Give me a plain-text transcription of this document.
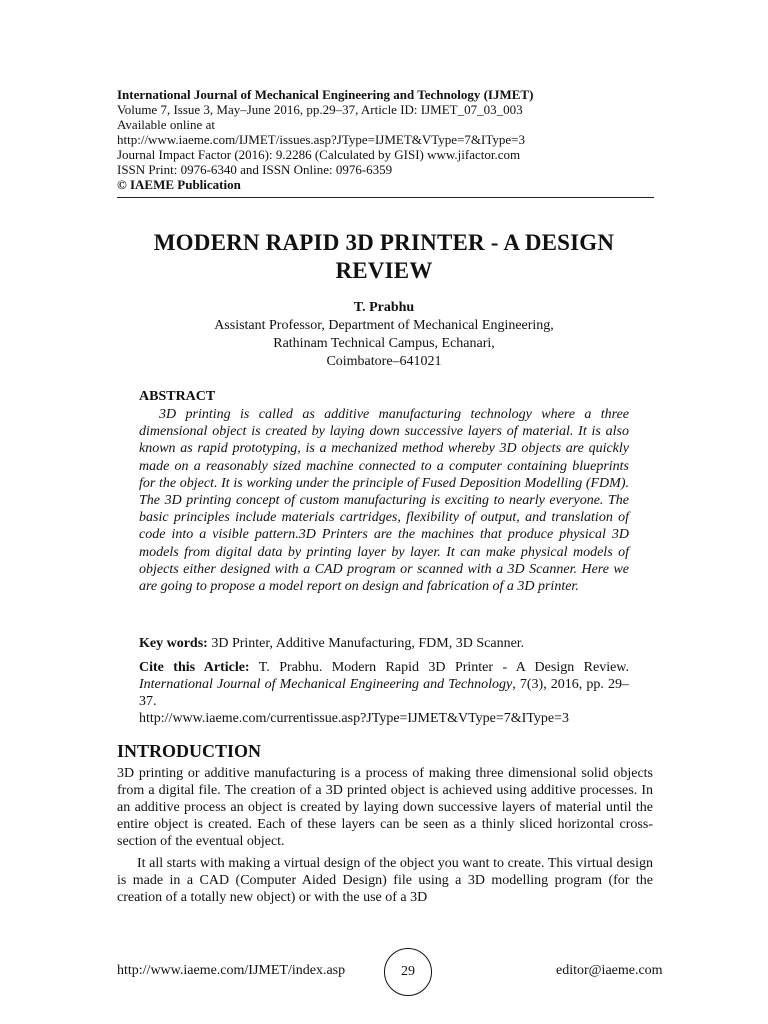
International Journal of Mechanical Engineering and Technology (IJMET)
Volume 7, Issue 3, May–June 2016, pp.29–37, Article ID: IJMET_07_03_003
Available online at
http://www.iaeme.com/IJMET/issues.asp?JType=IJMET&VType=7&IType=3
Journal Impact Factor (2016): 9.2286 (Calculated by GISI) www.jifactor.com
ISSN Print: 0976-6340 and ISSN Online: 0976-6359
© IAEME Publication
MODERN RAPID 3D PRINTER - A DESIGN
REVIEW
T. Prabhu
Assistant Professor, Department of Mechanical Engineering,
Rathinam Technical Campus, Echanari,
Coimbatore–641021
ABSTRACT
3D printing is called as additive manufacturing technology where a three dimensional object is created by laying down successive layers of material. It is also known as rapid prototyping, is a mechanized method whereby 3D objects are quickly made on a reasonably sized machine connected to a computer containing blueprints for the object. It is working under the principle of Fused Deposition Modelling (FDM). The 3D printing concept of custom manufacturing is exciting to nearly everyone. The basic principles include materials cartridges, flexibility of output, and translation of code into a visible pattern.3D Printers are the machines that produce physical 3D models from digital data by printing layer by layer. It can make physical models of objects either designed with a CAD program or scanned with a 3D Scanner. Here we are going to propose a model report on design and fabrication of a 3D printer.
Key words: 3D Printer, Additive Manufacturing, FDM, 3D Scanner.
Cite this Article: T. Prabhu. Modern Rapid 3D Printer - A Design Review. International Journal of Mechanical Engineering and Technology, 7(3), 2016, pp. 29–37.
http://www.iaeme.com/currentissue.asp?JType=IJMET&VType=7&IType=3
INTRODUCTION

3D printing or additive manufacturing is a process of making three dimensional solid objects from a digital file. The creation of a 3D printed object is achieved using additive processes. In an additive process an object is created by laying down successive layers of material until the entire object is created. Each of these layers can be seen as a thinly sliced horizontal cross-section of the eventual object.

It all starts with making a virtual design of the object you want to create. This virtual design is made in a CAD (Computer Aided Design) file using a 3D modelling program (for the creation of a totally new object) or with the use of a 3D

http://www.iaeme.com/IJMET/index.asp	29	editor@iaeme.com
